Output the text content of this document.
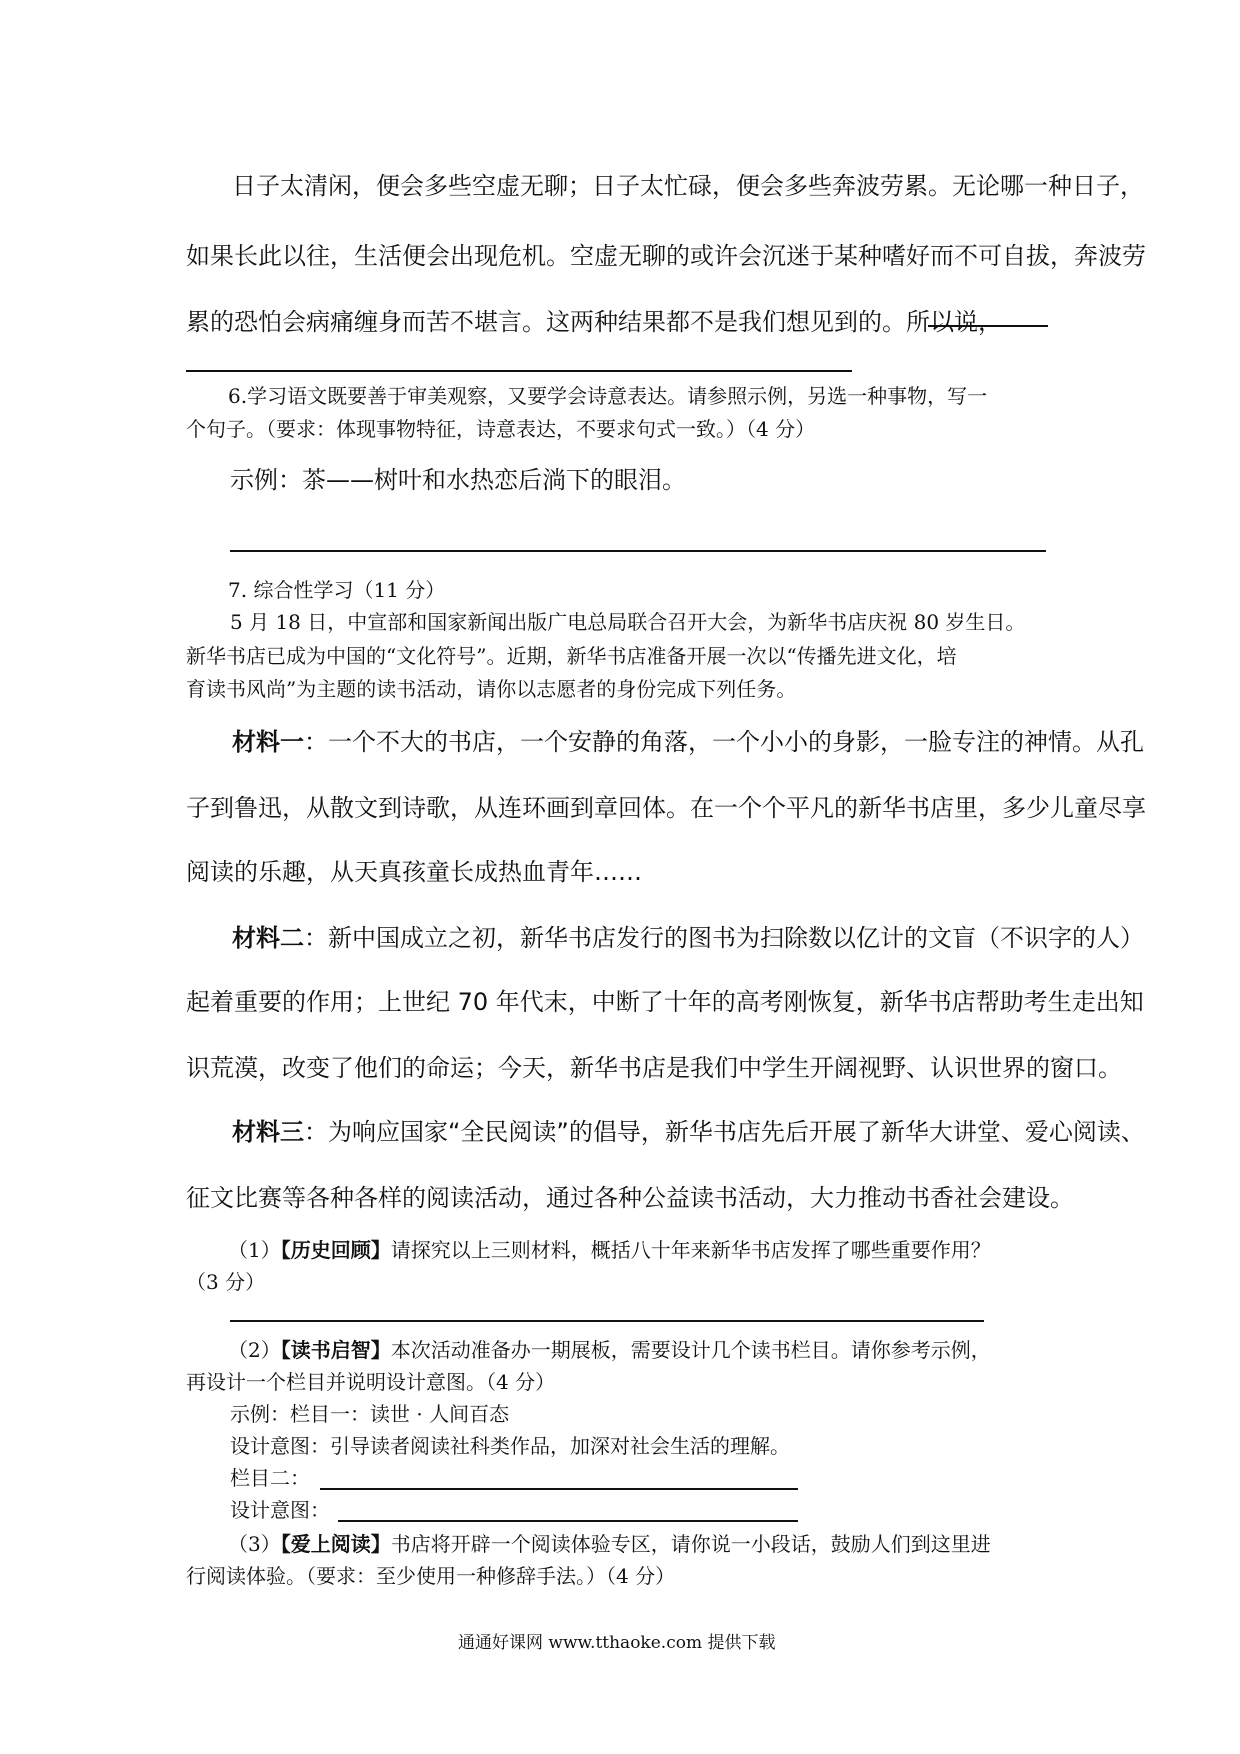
日子太清闲，便会多些空虚无聊；日子太忙碌，便会多些奔波劳累。无论哪一种日子，
如果长此以往，生活便会出现危机。空虚无聊的或许会沉迷于某种嗜好而不可自拔，奔波劳
累的恐怕会病痛缠身而苦不堪言。这两种结果都不是我们想见到的。所以说，
6.学习语文既要善于审美观察，又要学会诗意表达。请参照示例，另选一种事物，写一
个句子。（要求：体现事物特征，诗意表达，不要求句式一致。）（4 分）
示例：茶——树叶和水热恋后淌下的眼泪。
7. 综合性学习（11 分）
5 月 18 日，中宣部和国家新闻出版广电总局联合召开大会，为新华书店庆祝 80 岁生日。
新华书店已成为中国的“文化符号”。近期，新华书店准备开展一次以“传播先进文化，培
育读书风尚”为主题的读书活动，请你以志愿者的身份完成下列任务。
材料一：一个不大的书店，一个安静的角落，一个小小的身影，一脸专注的神情。从孔
子到鲁迅，从散文到诗歌，从连环画到章回体。在一个个平凡的新华书店里，多少儿童尽享
阅读的乐趣，从天真孩童长成热血青年……
材料二：新中国成立之初，新华书店发行的图书为扫除数以亿计的文盲（不识字的人）
起着重要的作用；上世纪 70 年代末，中断了十年的高考刚恢复，新华书店帮助考生走出知
识荒漠，改变了他们的命运；今天，新华书店是我们中学生开阔视野、认识世界的窗口。
材料三：为响应国家“全民阅读”的倡导，新华书店先后开展了新华大讲堂、爱心阅读、
征文比赛等各种各样的阅读活动，通过各种公益读书活动，大力推动书香社会建设。
（1）【历史回顾】请探究以上三则材料，概括八十年来新华书店发挥了哪些重要作用？
（3 分）
（2）【读书启智】本次活动准备办一期展板，需要设计几个读书栏目。请你参考示例，
再设计一个栏目并说明设计意图。（4 分）
示例：栏目一：读世 · 人间百态
设计意图：引导读者阅读社科类作品，加深对社会生活的理解。
栏目二：
设计意图：
（3）【爱上阅读】书店将开辟一个阅读体验专区，请你说一小段话，鼓励人们到这里进
行阅读体验。（要求：至少使用一种修辞手法。）（4 分）
通通好课网 www.tthaoke.com 提供下载
